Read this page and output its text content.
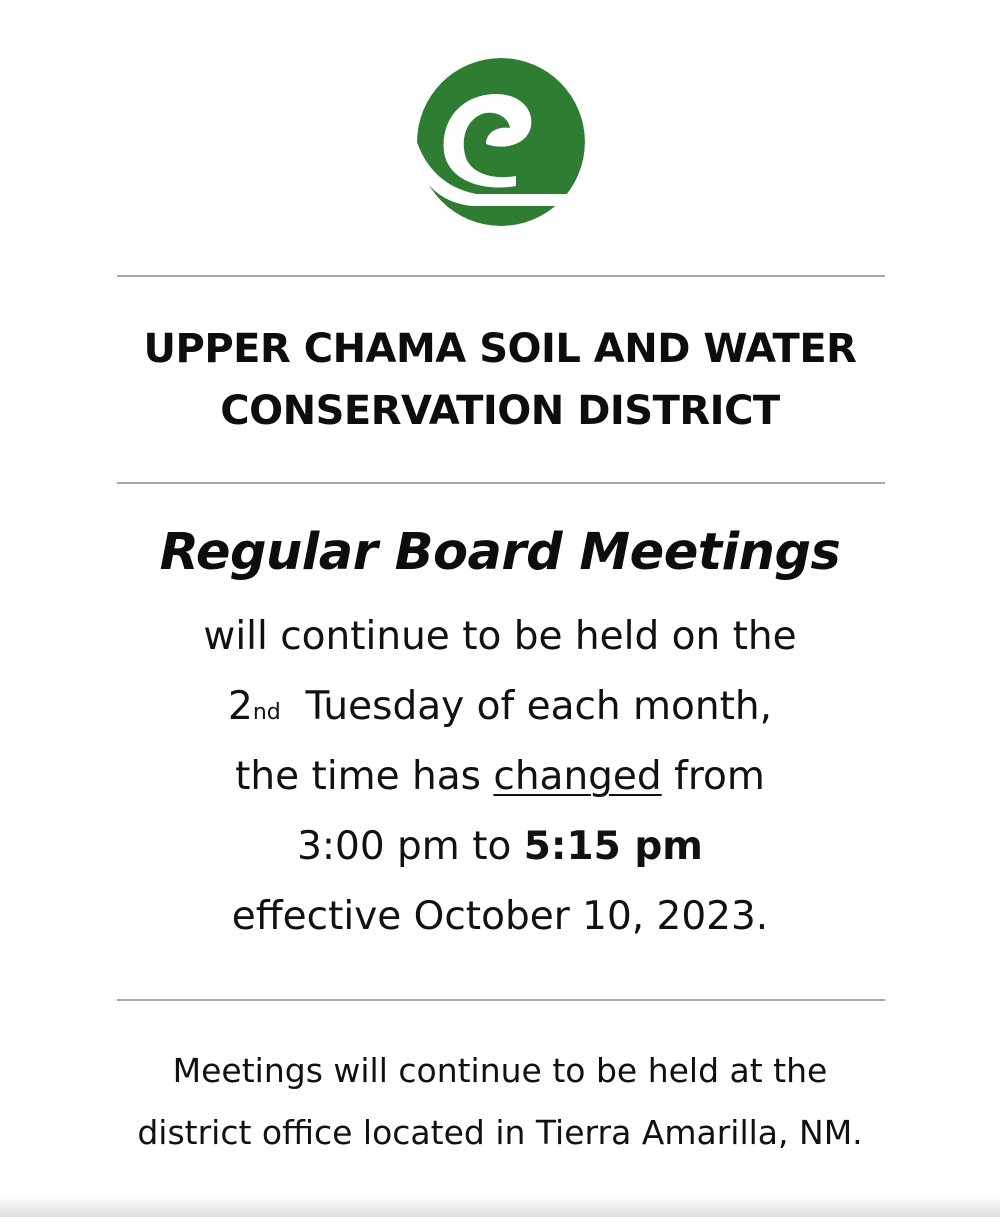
UPPER CHAMA SOIL AND WATER
CONSERVATION DISTRICT
Regular Board Meetings
will continue to be held on the
2nd Tuesday of each month,
the time has changed from
3:00 pm to 5:15 pm
effective October 10, 2023.
Meetings will continue to be held at the
district office located in Tierra Amarilla, NM.
